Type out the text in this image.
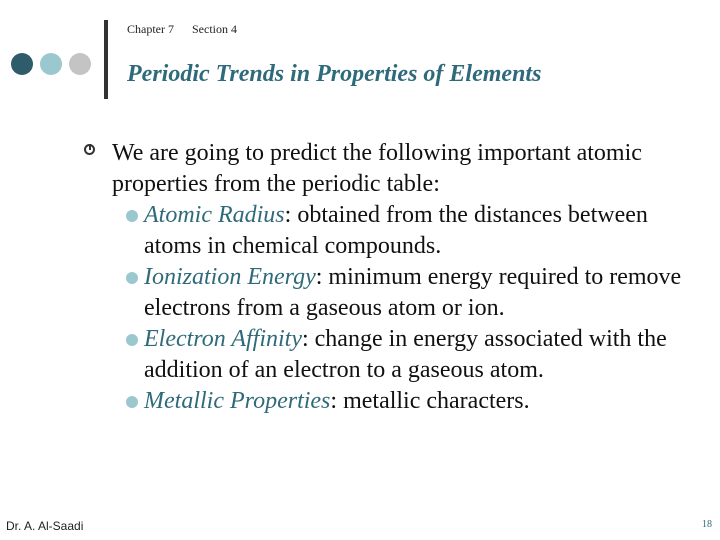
Chapter 7 Section 4
Periodic Trends in Properties of Elements

We are going to predict the following important atomic properties from the periodic table:

Atomic Radius: obtained from the distances between atoms in chemical compounds.
Ionization Energy: minimum energy required to remove electrons from a gaseous atom or ion.
Electron Affinity: change in energy associated with the addition of an electron to a gaseous atom.
Metallic Properties: metallic characters.
Dr. A. Al-Saadi	18
